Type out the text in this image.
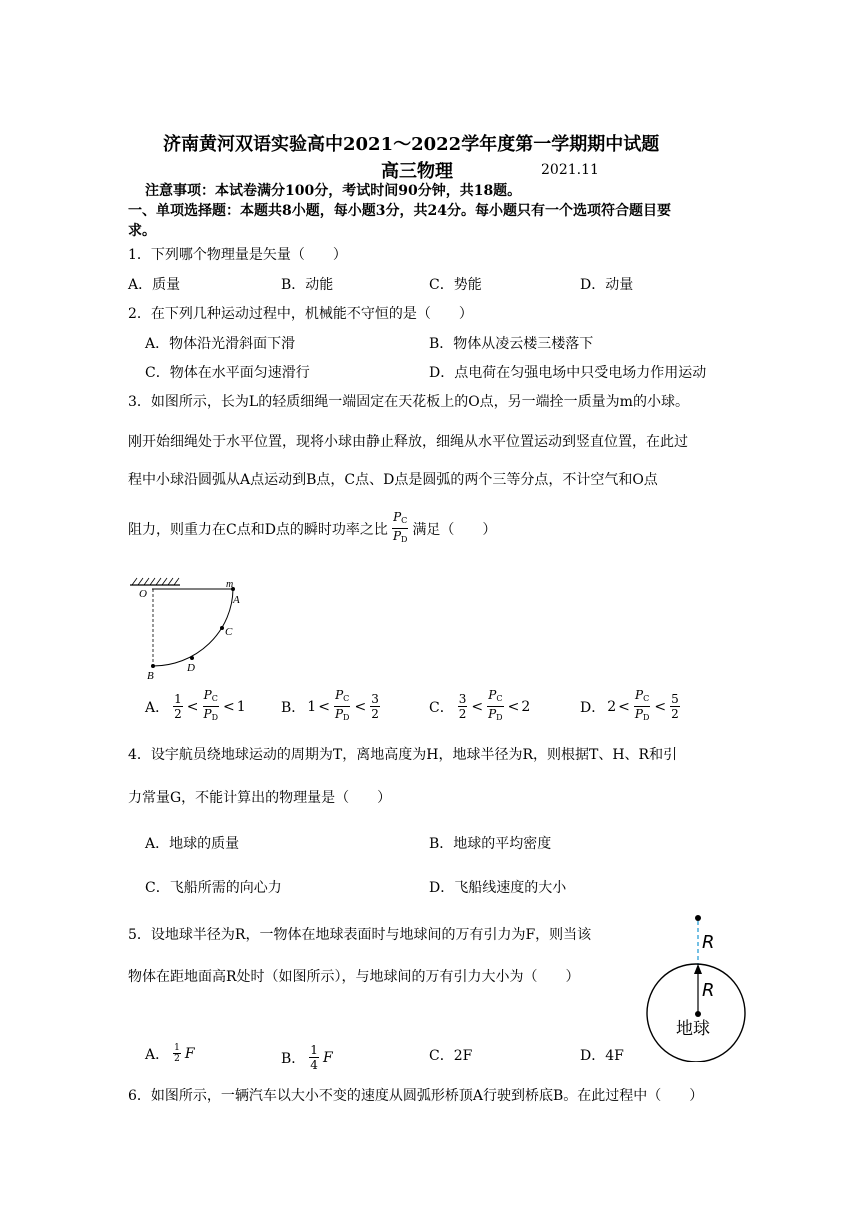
济南黄河双语实验高中2021～2022学年度第一学期期中试题
高三物理	2021.11
注意事项：本试卷满分100分，考试时间90分钟，共18题。
一、单项选择题：本题共8小题，每小题3分，共24分。每小题只有一个选项符合题目要
求。
1．下列哪个物理量是矢量（　　）
A．质量	B．动能	C．势能	D．动量
2．在下列几种运动过程中，机械能不守恒的是（　　）
A．物体沿光滑斜面下滑	B．物体从凌云楼三楼落下
C．物体在水平面匀速滑行	D．点电荷在匀强电场中只受电场力作用运动
3．如图所示，长为L的轻质细绳一端固定在天花板上的O点，另一端拴一质量为m的小球。
刚开始细绳处于水平位置，现将小球由静止释放，细绳从水平位置运动到竖直位置，在此过
程中小球沿圆弧从A点运动到B点，C点、D点是圆弧的两个三等分点，不计空气和O点
阻力，则重力在C点和D点的瞬时功率之比 $\frac{P_C}{P_D}$ 满足（　　）
O	A
m
C
D
B
A． $\frac{1}{2} < \frac{P_C}{P_D} < 1$	B． $1 < \frac{P_C}{P_D} < \frac{3}{2}$	C． $\frac{3}{2} < \frac{P_C}{P_D} < 2$	D． $2 < \frac{P_C}{P_D} < \frac{5}{2}$
4．设宇航员绕地球运动的周期为T，离地高度为H，地球半径为R，则根据T、H、R和引
力常量G，不能计算出的物理量是（　　）
A．地球的质量	B．地球的平均密度
C．飞船所需的向心力	D．飞船线速度的大小
5．设地球半径为R，一物体在地球表面时与地球间的万有引力为F，则当该
物体在距地面高R处时（如图所示），与地球间的万有引力大小为（　　）
R
R
地球
A． $\frac{1}{2}$ F	B． $\frac{1}{4}$ F	C．2F	D．4F
6．如图所示，一辆汽车以大小不变的速度从圆弧形桥顶A行驶到桥底B。在此过程中（　　）
